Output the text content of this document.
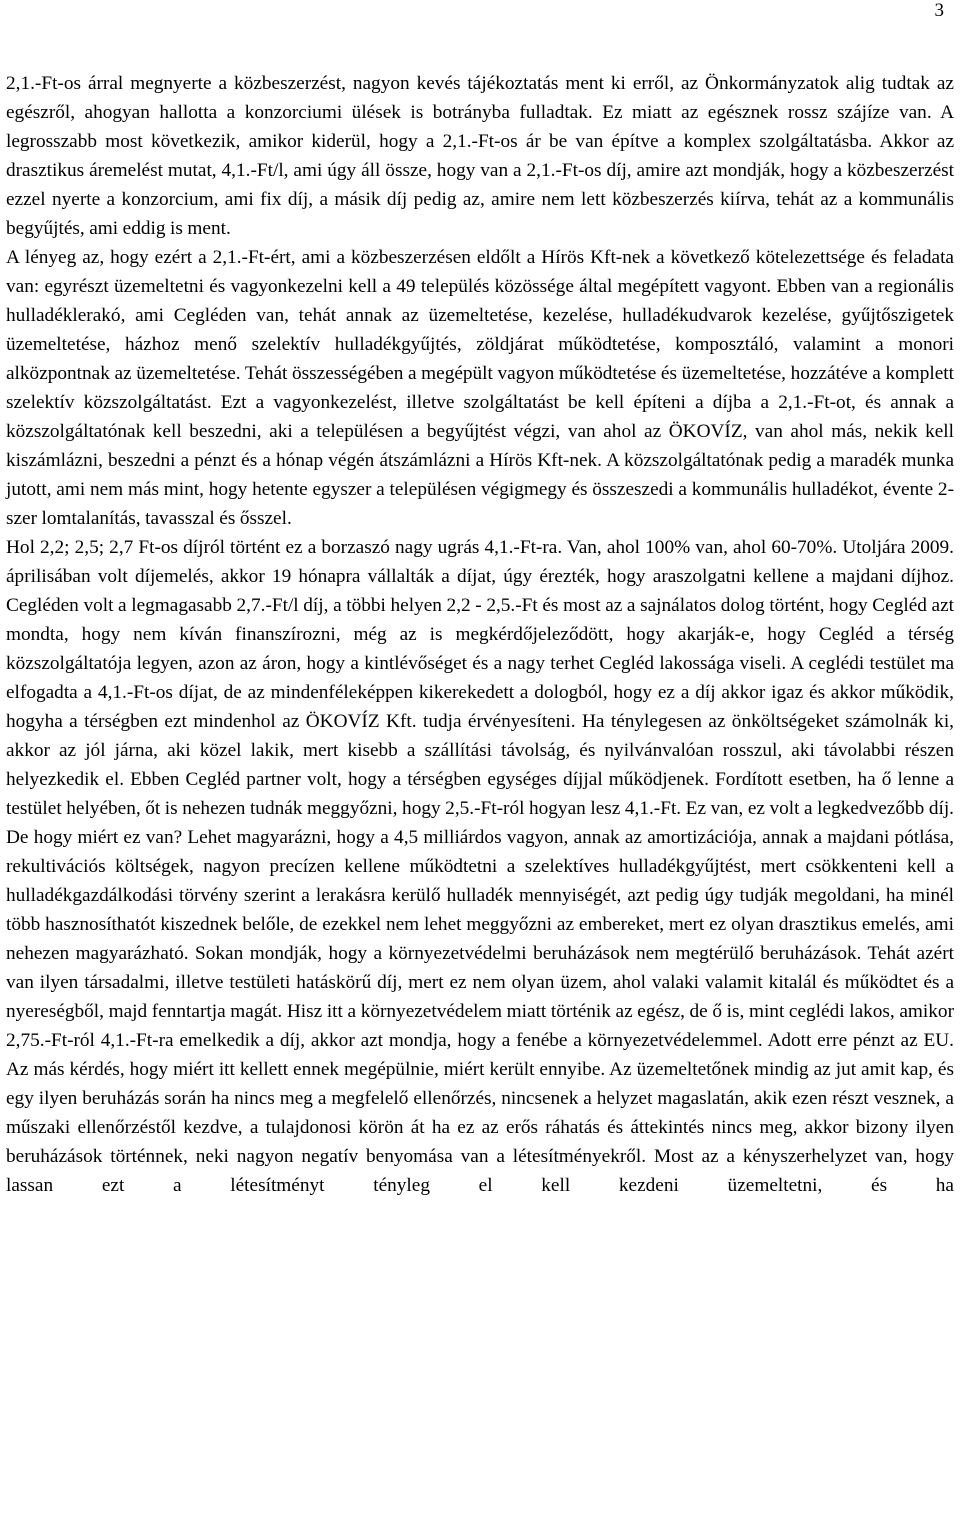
3

2,1.-Ft-os árral megnyerte a közbeszerzést, nagyon kevés tájékoztatás ment ki erről, az Önkormányzatok alig tudtak az egészről, ahogyan hallotta a konzorciumi ülések is botrányba fulladtak. Ez miatt az egésznek rossz szájíze van. A legrosszabb most következik, amikor kiderül, hogy a 2,1.-Ft-os ár be van építve a komplex szolgáltatásba. Akkor az drasztikus áremelést mutat, 4,1.-Ft/l, ami úgy áll össze, hogy van a 2,1.-Ft-os díj, amire azt mondják, hogy a közbeszerzést ezzel nyerte a konzorcium, ami fix díj, a másik díj pedig az, amire nem lett közbeszerzés kiírva, tehát az a kommunális begyűjtés, ami eddig is ment.

A lényeg az, hogy ezért a 2,1.-Ft-ért, ami a közbeszerzésen eldőlt a Hírös Kft-nek a következő kötelezettsége és feladata van: egyrészt üzemeltetni és vagyonkezelni kell a 49 település közössége által megépített vagyont. Ebben van a regionális hulladéklerakó, ami Cegléden van, tehát annak az üzemeltetése, kezelése, hulladékudvarok kezelése, gyűjtőszigetek üzemeltetése, házhoz menő szelektív hulladékgyűjtés, zöldjárat működtetése, komposztáló, valamint a monori alközpontnak az üzemeltetése. Tehát összességében a megépült vagyon működtetése és üzemeltetése, hozzátéve a komplett szelektív közszolgáltatást. Ezt a vagyonkezelést, illetve szolgáltatást be kell építeni a díjba a 2,1.-Ft-ot, és annak a közszolgáltatónak kell beszedni, aki a településen a begyűjtést végzi, van ahol az ÖKOVÍZ, van ahol más, nekik kell kiszámlázni, beszedni a pénzt és a hónap végén átszámlázni a Hírös Kft-nek. A közszolgáltatónak pedig a maradék munka jutott, ami nem más mint, hogy hetente egyszer a településen végigmegy és összeszedi a kommunális hulladékot, évente 2-szer lomtalanítás, tavasszal és ősszel.

Hol 2,2; 2,5; 2,7 Ft-os díjról történt ez a borzaszó nagy ugrás 4,1.-Ft-ra. Van, ahol 100% van, ahol 60-70%. Utoljára 2009. áprilisában volt díjemelés, akkor 19 hónapra vállalták a díjat, úgy érezték, hogy araszolgatni kellene a majdani díjhoz. Cegléden volt a legmagasabb 2,7.-Ft/l díj, a többi helyen 2,2 - 2,5.-Ft és most az a sajnálatos dolog történt, hogy Cegléd azt mondta, hogy nem kíván finanszírozni, még az is megkérdőjeleződött, hogy akarják-e, hogy Cegléd a térség közszolgáltatója legyen, azon az áron, hogy a kintlévőséget és a nagy terhet Cegléd lakossága viseli. A ceglédi testület ma elfogadta a 4,1.-Ft-os díjat, de az mindenféleképpen kikerekedett a dologból, hogy ez a díj akkor igaz és akkor működik, hogyha a térségben ezt mindenhol az ÖKOVÍZ Kft. tudja érvényesíteni. Ha ténylegesen az önköltségeket számolnák ki, akkor az jól járna, aki közel lakik, mert kisebb a szállítási távolság, és nyilvánvalóan rosszul, aki távolabbi részen helyezkedik el. Ebben Cegléd partner volt, hogy a térségben egységes díjjal működjenek. Fordított esetben, ha ő lenne a testület helyében, őt is nehezen tudnák meggyőzni, hogy 2,5.-Ft-ról hogyan lesz 4,1.-Ft. Ez van, ez volt a legkedvezőbb díj. De hogy miért ez van? Lehet magyarázni, hogy a 4,5 milliárdos vagyon, annak az amortizációja, annak a majdani pótlása, rekultivációs költségek, nagyon precízen kellene működtetni a szelektíves hulladékgyűjtést, mert csökkenteni kell a hulladékgazdálkodási törvény szerint a lerakásra kerülő hulladék mennyiségét, azt pedig úgy tudják megoldani, ha minél több hasznosíthatót kiszednek belőle, de ezekkel nem lehet meggyőzni az embereket, mert ez olyan drasztikus emelés, ami nehezen magyarázható. Sokan mondják, hogy a környezetvédelmi beruházások nem megtérülő beruházások. Tehát azért van ilyen társadalmi, illetve testületi hatáskörű díj, mert ez nem olyan üzem, ahol valaki valamit kitalál és működtet és a nyereségből, majd fenntartja magát. Hisz itt a környezetvédelem miatt történik az egész, de ő is, mint ceglédi lakos, amikor 2,75.-Ft-ról 4,1.-Ft-ra emelkedik a díj, akkor azt mondja, hogy a fenébe a környezetvédelemmel. Adott erre pénzt az EU. Az más kérdés, hogy miért itt kellett ennek megépülnie, miért került ennyibe. Az üzemeltetőnek mindig az jut amit kap, és egy ilyen beruházás során ha nincs meg a megfelelő ellenőrzés, nincsenek a helyzet magaslatán, akik ezen részt vesznek, a műszaki ellenőrzéstől kezdve, a tulajdonosi körön át ha ez az erős ráhatás és áttekintés nincs meg, akkor bizony ilyen beruházások történnek, neki nagyon negatív benyomása van a létesítményekről. Most az a kényszerhelyzet van, hogy lassan ezt a létesítményt tényleg el kell kezdeni üzemeltetni, és ha
